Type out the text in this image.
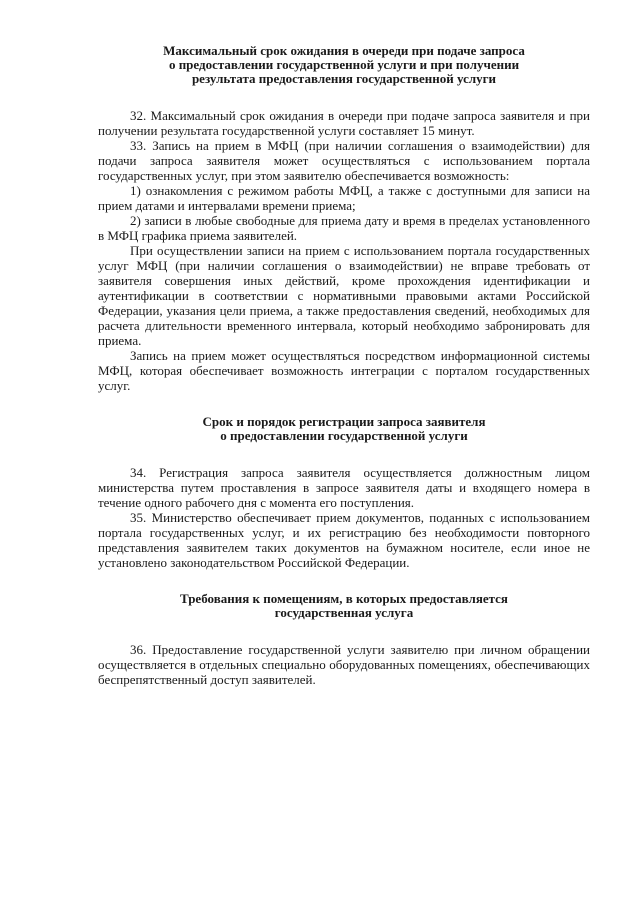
Максимальный срок ожидания в очереди при подаче запроса
о предоставлении государственной услуги и при получении
результата предоставления государственной услуги

32. Максимальный срок ожидания в очереди при подаче запроса заявителя и при получении результата государственной услуги составляет 15 минут.

33. Запись на прием в МФЦ (при наличии соглашения о взаимодействии) для подачи запроса заявителя может осуществляться с использованием портала государственных услуг, при этом заявителю обеспечивается возможность:

1) ознакомления с режимом работы МФЦ, а также с доступными для записи на прием датами и интервалами времени приема;

2) записи в любые свободные для приема дату и время в пределах установленного в МФЦ графика приема заявителей.

При осуществлении записи на прием с использованием портала государственных услуг МФЦ (при наличии соглашения о взаимодействии) не вправе требовать от заявителя совершения иных действий, кроме прохождения идентификации и аутентификации в соответствии с нормативными правовыми актами Российской Федерации, указания цели приема, а также предоставления сведений, необходимых для расчета длительности временного интервала, который необходимо забронировать для приема.

Запись на прием может осуществляться посредством информационной системы МФЦ, которая обеспечивает возможность интеграции с порталом государственных услуг.

Срок и порядок регистрации запроса заявителя
о предоставлении государственной услуги

34. Регистрация запроса заявителя осуществляется должностным лицом министерства путем проставления в запросе заявителя даты и входящего номера в течение одного рабочего дня с момента его поступления.

35. Министерство обеспечивает прием документов, поданных с использованием портала государственных услуг, и их регистрацию без необходимости повторного представления заявителем таких документов на бумажном носителе, если иное не установлено законодательством Российской Федерации.

Требования к помещениям, в которых предоставляется
государственная услуга

36. Предоставление государственной услуги заявителю при личном обращении осуществляется в отдельных специально оборудованных помещениях, обеспечивающих беспрепятственный доступ заявителей.
